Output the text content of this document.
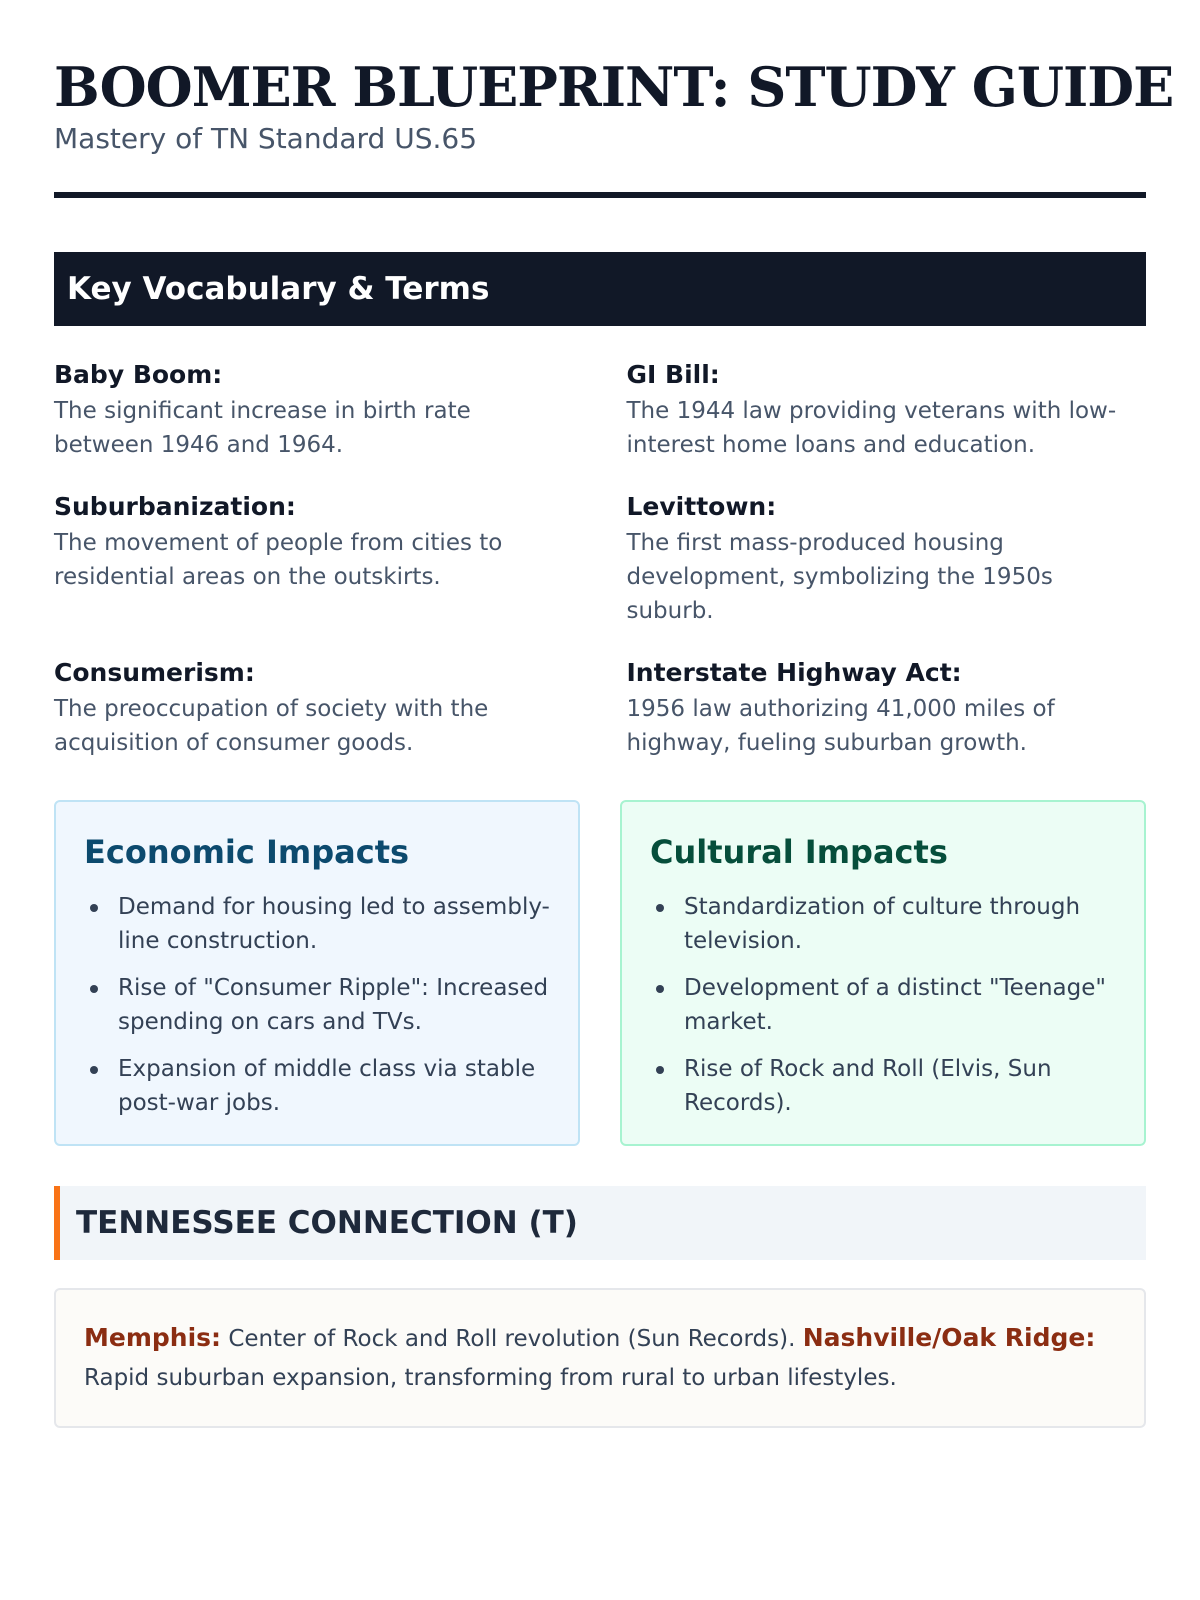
BOOMER BLUEPRINT: STUDY GUIDE
Mastery of TN Standard US.65
Key Vocabulary & Terms
Baby Boom:
The significant increase in birth rate between 1946 and 1964.
GI Bill:
The 1944 law providing veterans with low-interest home loans and education.
Suburbanization:
The movement of people from cities to residential areas on the outskirts.
Levittown:
The first mass-produced housing development, symbolizing the 1950s suburb.
Consumerism:
The preoccupation of society with the acquisition of consumer goods.
Interstate Highway Act:
1956 law authorizing 41,000 miles of highway, fueling suburban growth.
Economic Impacts
Demand for housing led to assembly-line construction.
Rise of "Consumer Ripple": Increased spending on cars and TVs.
Expansion of middle class via stable post-war jobs.
Cultural Impacts
Standardization of culture through television.
Development of a distinct "Teenage" market.
Rise of Rock and Roll (Elvis, Sun Records).
TENNESSEE CONNECTION (T)
Memphis: Center of Rock and Roll revolution (Sun Records). Nashville/Oak Ridge: Rapid suburban expansion, transforming from rural to urban lifestyles.
